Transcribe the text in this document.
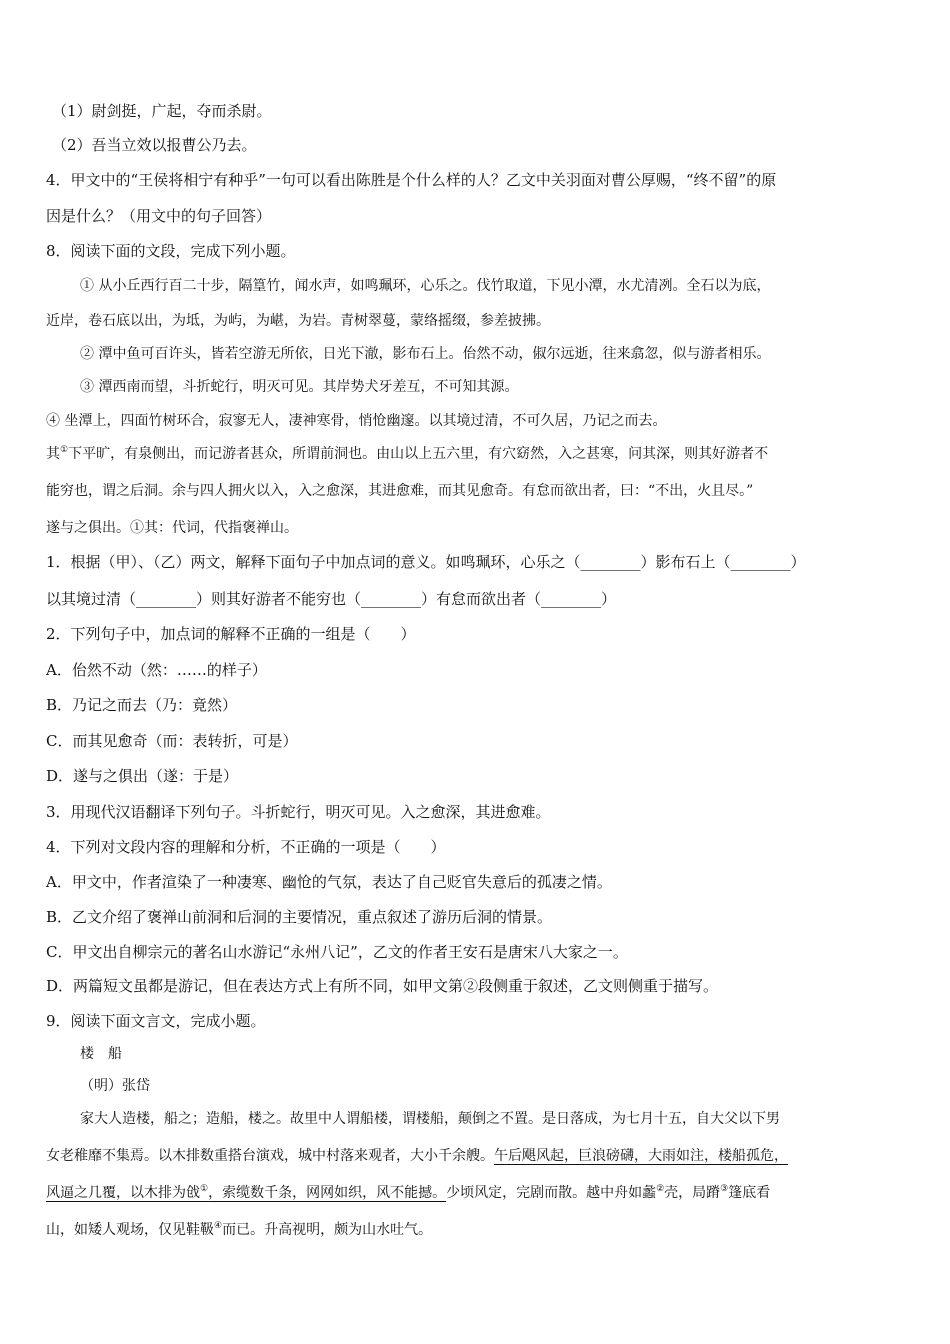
（1）尉剑挺，广起，夺而杀尉。
（2）吾当立效以报曹公乃去。
4．甲文中的“王侯将相宁有种乎”一句可以看出陈胜是个什么样的人？乙文中关羽面对曹公厚赐，“终不留”的原
因是什么？（用文中的句子回答）
8．阅读下面的文段，完成下列小题。
① 从小丘西行百二十步，隔篁竹，闻水声，如鸣珮环，心乐之。伐竹取道，下见小潭，水尤清冽。全石以为底，
近岸，卷石底以出，为坻，为屿，为嵁，为岩。青树翠蔓，蒙络摇缀，参差披拂。
② 潭中鱼可百许头，皆若空游无所依，日光下澈，影布石上。佁然不动，俶尔远逝，往来翕忽，似与游者相乐。
③ 潭西南而望，斗折蛇行，明灭可见。其岸势犬牙差互，不可知其源。
④ 坐潭上，四面竹树环合，寂寥无人，凄神寒骨，悄怆幽邃。以其境过清，不可久居，乃记之而去。
其①下平旷，有泉侧出，而记游者甚众，所谓前洞也。由山以上五六里，有穴窈然，入之甚寒，问其深，则其好游者不
能穷也，谓之后洞。余与四人拥火以入，入之愈深，其进愈难，而其见愈奇。有怠而欲出者，曰：“不出，火且尽。”
遂与之俱出。①其：代词，代指褒禅山。
1．根据（甲）、（乙）两文，解释下面句子中加点词的意义。如鸣珮环，心乐之（________）影布石上（________）
以其境过清（________）则其好游者不能穷也（________）有怠而欲出者（________）
2．下列句子中，加点词的解释不正确的一组是（　　）
A．佁然不动（然：……的样子）
B．乃记之而去（乃：竟然）
C．而其见愈奇（而：表转折，可是）
D．遂与之俱出（遂：于是）
3．用现代汉语翻译下列句子。斗折蛇行，明灭可见。入之愈深，其进愈难。
4．下列对文段内容的理解和分析，不正确的一项是（　　）
A．甲文中，作者渲染了一种凄寒、幽怆的气氛，表达了自己贬官失意后的孤凄之情。
B．乙文介绍了褒禅山前洞和后洞的主要情况，重点叙述了游历后洞的情景。
C．甲文出自柳宗元的著名山水游记“永州八记”，乙文的作者王安石是唐宋八大家之一。
D．两篇短文虽都是游记，但在表达方式上有所不同，如甲文第②段侧重于叙述，乙文则侧重于描写。
9．阅读下面文言文，完成小题。
楼　船
（明）张岱
家大人造楼，船之；造船，楼之。故里中人谓船楼，谓楼船，颠倒之不置。是日落成，为七月十五，自大父以下男
女老稚靡不集焉。以木排数重搭台演戏，城中村落来观者，大小千余艘。午后飓风起，巨浪磅礴，大雨如注，楼船孤危，
风逼之几覆，以木排为戗①，索缆数千条，网网如织，风不能撼。少顷风定，完剧而散。越中舟如蠡②壳，局蹐③篷底看
山，如矮人观场，仅见鞋靸④而已。升高视明，颇为山水吐气。
